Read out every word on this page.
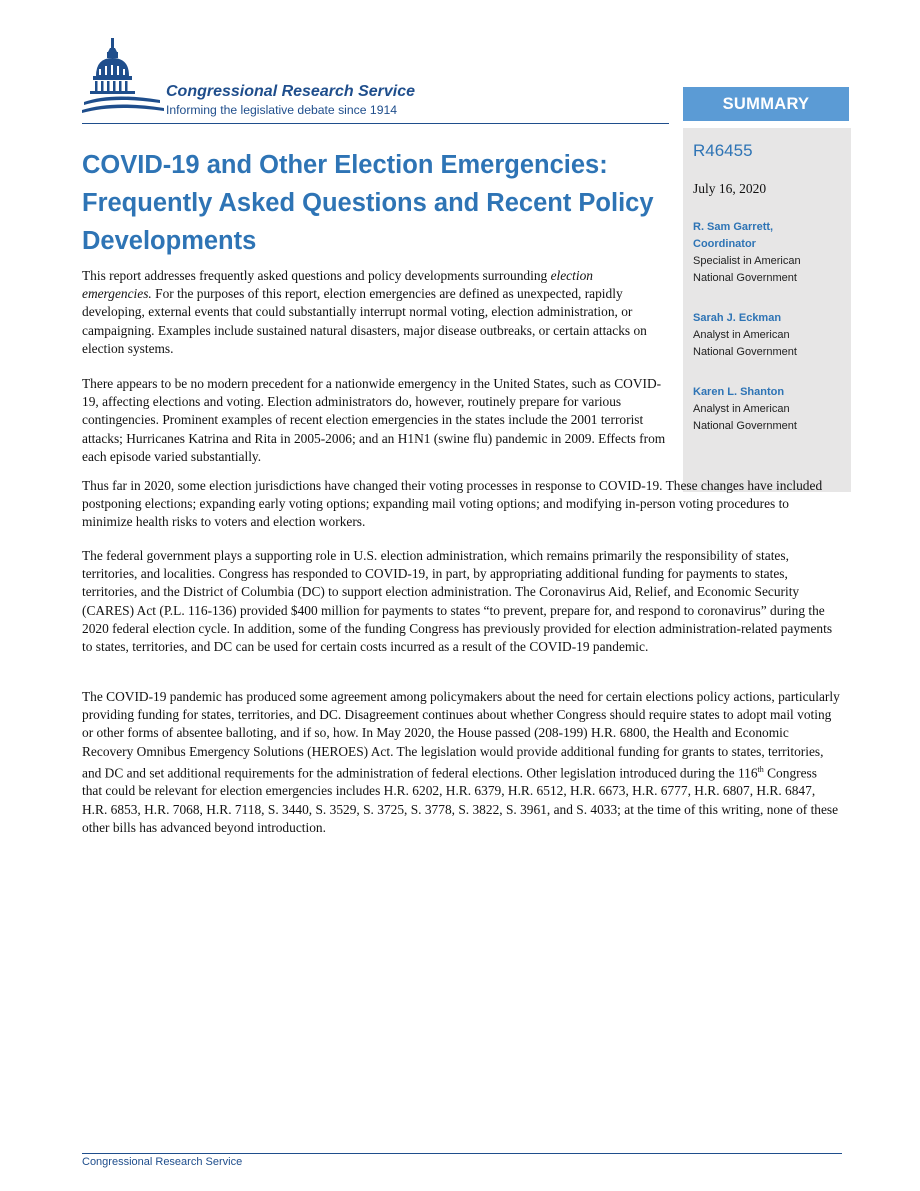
Congressional Research Service

Informing the legislative debate since 1914	SUMMARY

R46455

July 16, 2020

R. Sam Garrett,
Coordinator
Specialist in American
National Government
Sarah J. Eckman
Analyst in American
National Government
Karen L. Shanton
Analyst in American
National Government
COVID-19 and Other Election Emergencies: Frequently Asked Questions and Recent Policy Developments

This report addresses frequently asked questions and policy developments surrounding election emergencies. For the purposes of this report, election emergencies are defined as unexpected, rapidly developing, external events that could substantially interrupt normal voting, election administration, or campaigning. Examples include sustained natural disasters, major disease outbreaks, or certain attacks on election systems.

There appears to be no modern precedent for a nationwide emergency in the United States, such as COVID-19, affecting elections and voting. Election administrators do, however, routinely prepare for various contingencies. Prominent examples of recent election emergencies in the states include the 2001 terrorist attacks; Hurricanes Katrina and Rita in 2005-2006; and an H1N1 (swine flu) pandemic in 2009. Effects from each episode varied substantially.

Thus far in 2020, some election jurisdictions have changed their voting processes in response to COVID-19. These changes have included postponing elections; expanding early voting options; expanding mail voting options; and modifying in-person voting procedures to minimize health risks to voters and election workers.

The federal government plays a supporting role in U.S. election administration, which remains primarily the responsibility of states, territories, and localities. Congress has responded to COVID-19, in part, by appropriating additional funding for payments to states, territories, and the District of Columbia (DC) to support election administration. The Coronavirus Aid, Relief, and Economic Security (CARES) Act (P.L. 116-136) provided $400 million for payments to states “to prevent, prepare for, and respond to coronavirus” during the 2020 federal election cycle. In addition, some of the funding Congress has previously provided for election administration-related payments to states, territories, and DC can be used for certain costs incurred as a result of the COVID-19 pandemic.

The COVID-19 pandemic has produced some agreement among policymakers about the need for certain elections policy actions, particularly providing funding for states, territories, and DC. Disagreement continues about whether Congress should require states to adopt mail voting or other forms of absentee balloting, and if so, how. In May 2020, the House passed (208-199) H.R. 6800, the Health and Economic Recovery Omnibus Emergency Solutions (HEROES) Act. The legislation would provide additional funding for grants to states, territories, and DC and set additional requirements for the administration of federal elections. Other legislation introduced during the 116th Congress that could be relevant for election emergencies includes H.R. 6202, H.R. 6379, H.R. 6512, H.R. 6673, H.R. 6777, H.R. 6807, H.R. 6847, H.R. 6853, H.R. 7068, H.R. 7118, S. 3440, S. 3529, S. 3725, S. 3778, S. 3822, S. 3961, and S. 4033; at the time of this writing, none of these other bills has advanced beyond introduction.

Congressional Research Service
